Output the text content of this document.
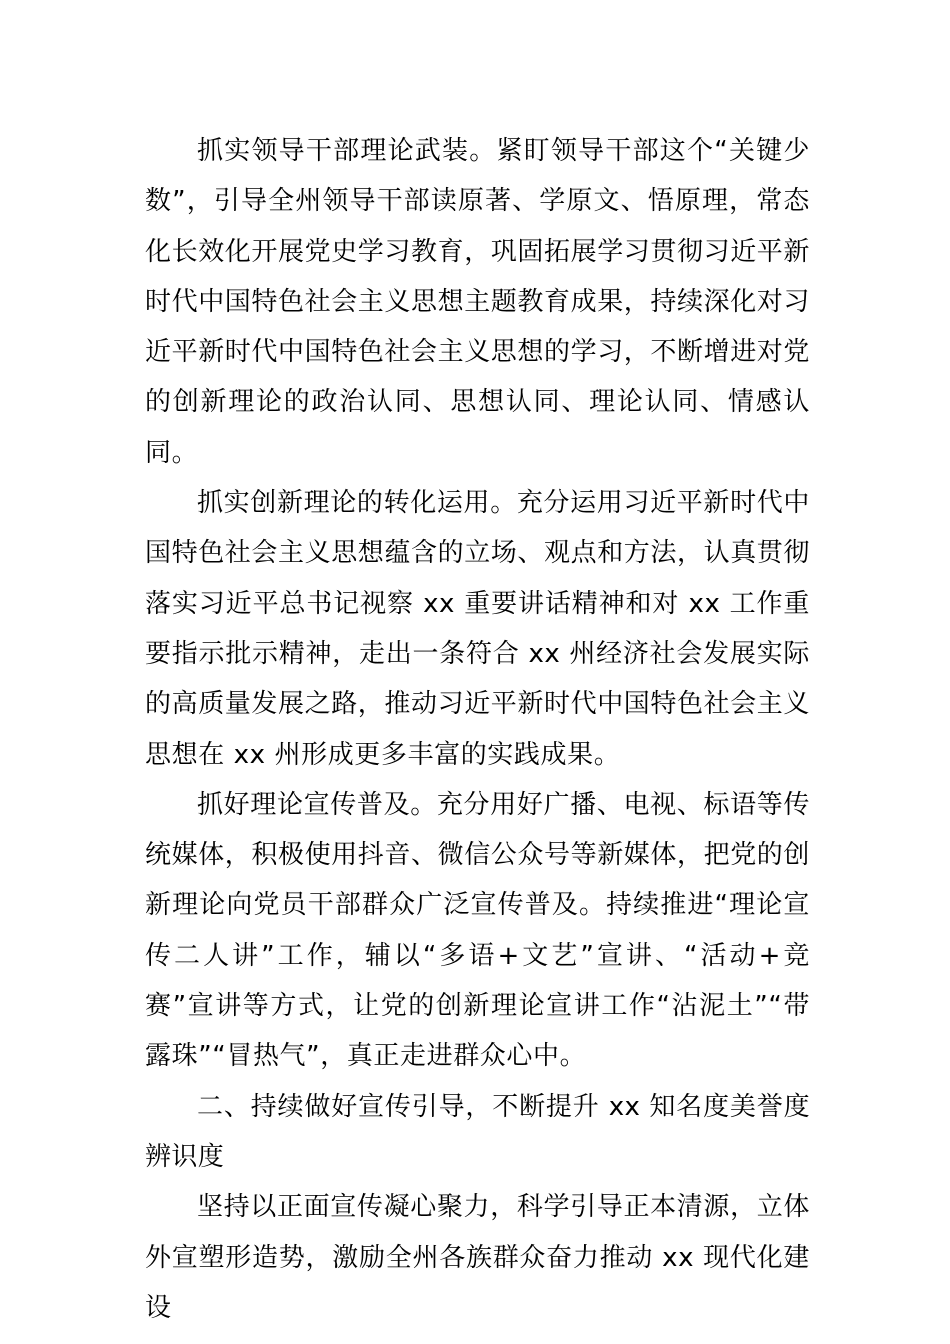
抓实领导干部理论武装。紧盯领导干部这个“关键少数”，引导全州领导干部读原著、学原文、悟原理，常态化长效化开展党史学习教育，巩固拓展学习贯彻习近平新时代中国特色社会主义思想主题教育成果，持续深化对习近平新时代中国特色社会主义思想的学习，不断增进对党的创新理论的政治认同、思想认同、理论认同、情感认同。

抓实创新理论的转化运用。充分运用习近平新时代中国特色社会主义思想蕴含的立场、观点和方法，认真贯彻落实习近平总书记视察 xx 重要讲话精神和对 xx 工作重要指示批示精神，走出一条符合 xx 州经济社会发展实际的高质量发展之路，推动习近平新时代中国特色社会主义思想在 xx 州形成更多丰富的实践成果。

抓好理论宣传普及。充分用好广播、电视、标语等传统媒体，积极使用抖音、微信公众号等新媒体，把党的创新理论向党员干部群众广泛宣传普及。持续推进“理论宣传二人讲”工作，辅以“多语+文艺”宣讲、“活动+竞赛”宣讲等方式，让党的创新理论宣讲工作“沾泥土”“带露珠”“冒热气”，真正走进群众心中。

二、持续做好宣传引导，不断提升 xx 知名度美誉度辨识度

坚持以正面宣传凝心聚力，科学引导正本清源，立体外宣塑形造势，激励全州各族群众奋力推动 xx 现代化建设
